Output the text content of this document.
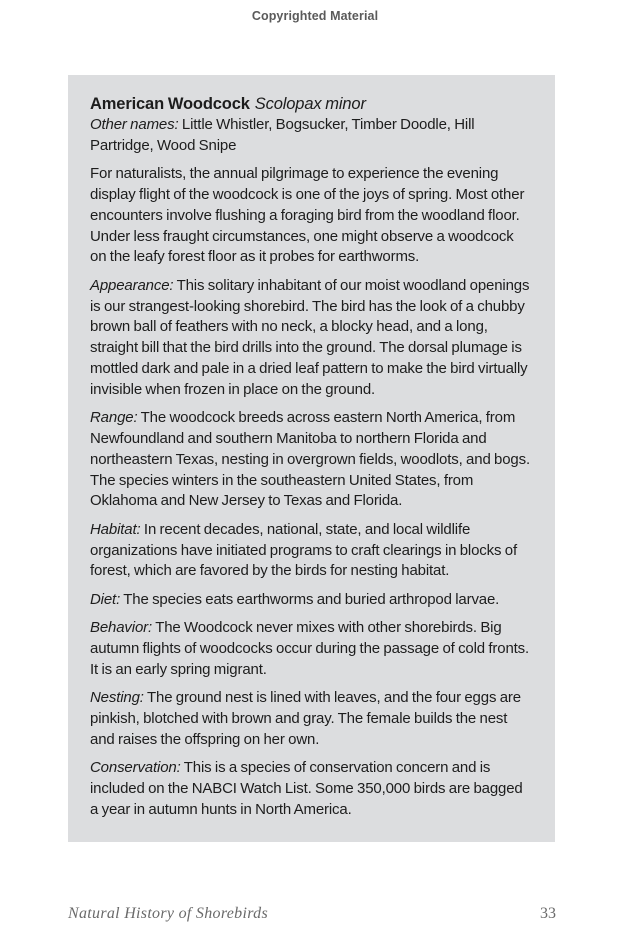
Copyrighted Material

American Woodcock Scolopax minor

Other names: Little Whistler, Bogsucker, Timber Doodle, Hill Partridge, Wood Snipe

For naturalists, the annual pilgrimage to experience the evening display flight of the woodcock is one of the joys of spring. Most other encounters involve flushing a foraging bird from the woodland floor. Under less fraught circumstances, one might observe a woodcock on the leafy forest floor as it probes for earthworms.

Appearance: This solitary inhabitant of our moist woodland openings is our strangest-looking shorebird. The bird has the look of a chubby brown ball of feathers with no neck, a blocky head, and a long, straight bill that the bird drills into the ground. The dorsal plumage is mottled dark and pale in a dried leaf pattern to make the bird virtually invisible when frozen in place on the ground.

Range: The woodcock breeds across eastern North America, from Newfoundland and southern Manitoba to northern Florida and northeastern Texas, nesting in overgrown fields, woodlots, and bogs. The species winters in the southeastern United States, from Oklahoma and New Jersey to Texas and Florida.

Habitat: In recent decades, national, state, and local wildlife organizations have initiated programs to craft clearings in blocks of forest, which are favored by the birds for nesting habitat.

Diet: The species eats earthworms and buried arthropod larvae.

Behavior: The Woodcock never mixes with other shorebirds. Big autumn flights of woodcocks occur during the passage of cold fronts. It is an early spring migrant.

Nesting: The ground nest is lined with leaves, and the four eggs are pinkish, blotched with brown and gray. The female builds the nest and raises the offspring on her own.

Conservation: This is a species of conservation concern and is included on the NABCI Watch List. Some 350,000 birds are bagged a year in autumn hunts in North America.

Natural History of Shorebirds	33
